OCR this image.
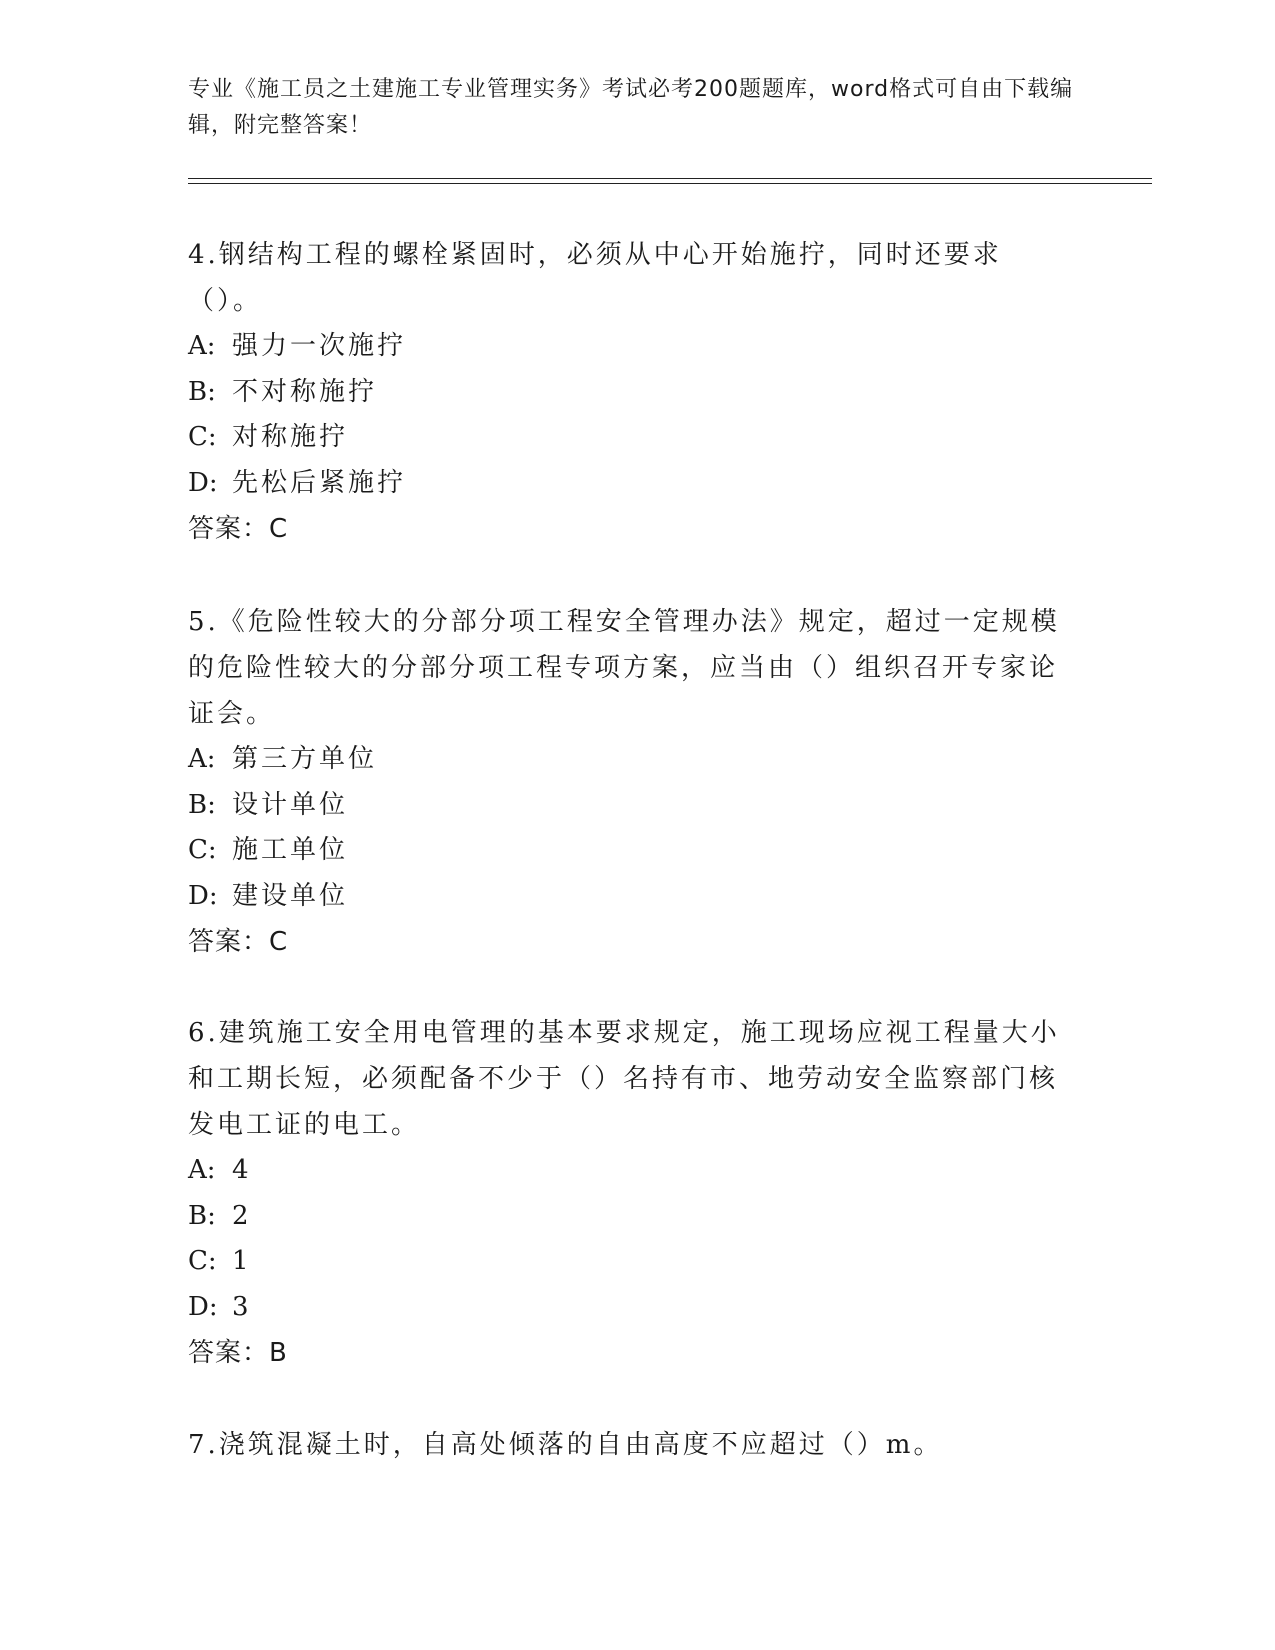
专业《施工员之土建施工专业管理实务》考试必考200题题库，word格式可自由下载编辑，附完整答案！
4.钢结构工程的螺栓紧固时，必须从中心开始施拧，同时还要求（）。
A: 强力一次施拧
B: 不对称施拧
C: 对称施拧
D: 先松后紧施拧
答案：C
5.《危险性较大的分部分项工程安全管理办法》规定，超过一定规模的危险性较大的分部分项工程专项方案，应当由（）组织召开专家论证会。
A: 第三方单位
B: 设计单位
C: 施工单位
D: 建设单位
答案：C
6.建筑施工安全用电管理的基本要求规定，施工现场应视工程量大小和工期长短，必须配备不少于（）名持有市、地劳动安全监察部门核发电工证的电工。
A: 4
B: 2
C: 1
D: 3
答案：B
7.浇筑混凝土时，自高处倾落的自由高度不应超过（）m。
